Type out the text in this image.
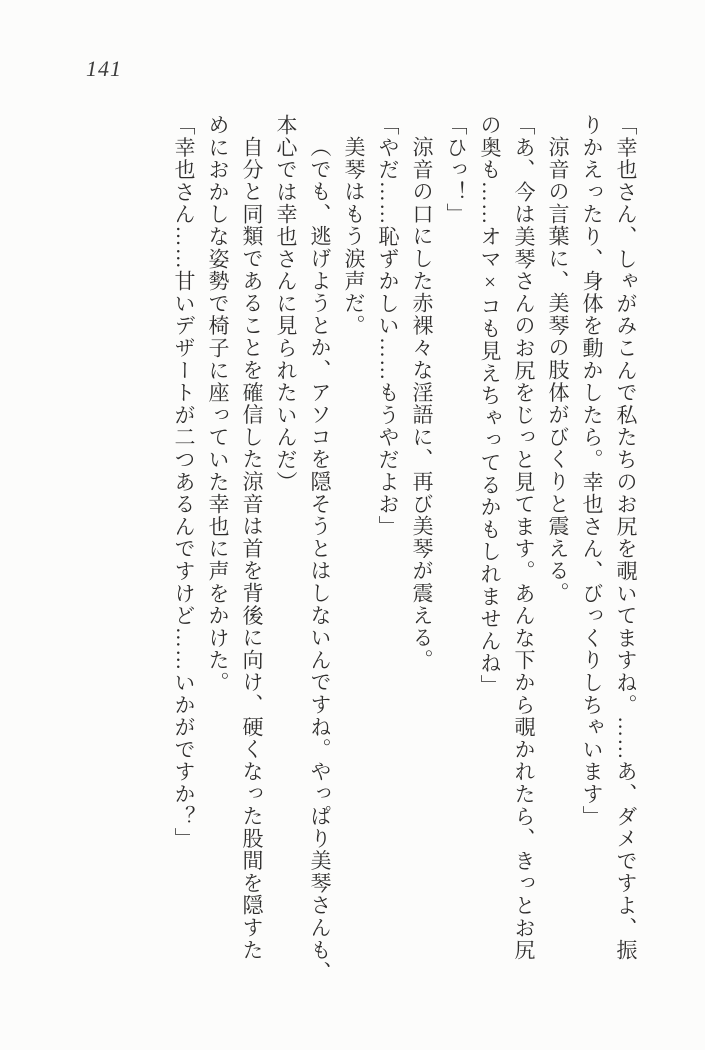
141

「幸也さん、しゃがみこんで私たちのお尻を覗いてますね。……あ、ダメですよ、振

りかえったり、身体を動かしたら。幸也さん、びっくりしちゃいます」

涼音の言葉に、美琴の肢体がびくりと震える。

「あ、今は美琴さんのお尻をじっと見てます。あんな下から覗かれたら、きっとお尻

の奥も……オマ×コも見えちゃってるかもしれませんね」

「ひっ！」

涼音の口にした赤裸々な淫語に、再び美琴が震える。

「やだ……恥ずかしい……もうやだよお」

美琴はもう涙声だ。

（でも、逃げようとか、アソコを隠そうとはしないんですね。やっぱり美琴さんも、

本心では幸也さんに見られたいんだ）

自分と同類であることを確信した涼音は首を背後に向け、硬くなった股間を隠すた

めにおかしな姿勢で椅子に座っていた幸也に声をかけた。

「幸也さん……甘いデザートが二つあるんですけど……いかがですか？」
